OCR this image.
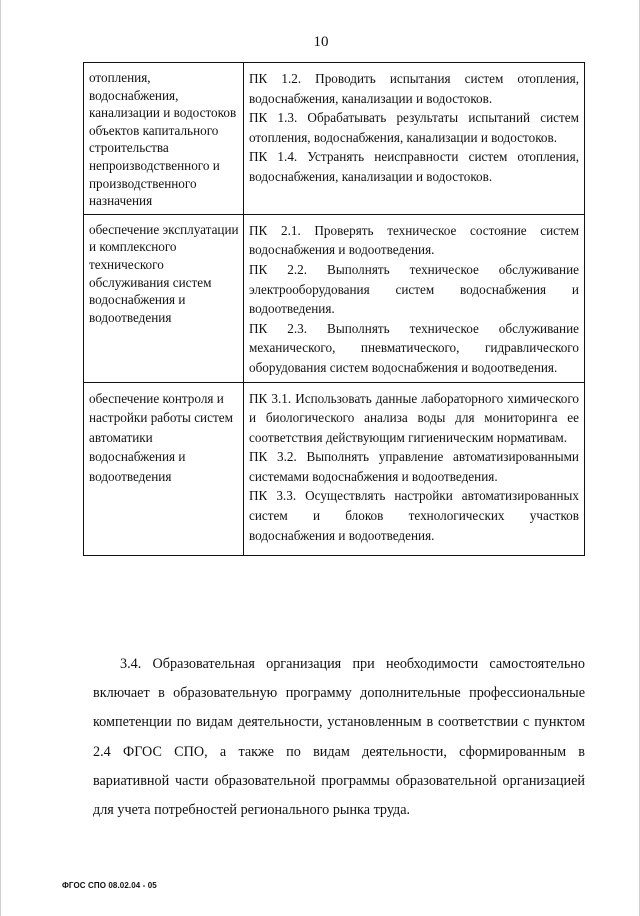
10

отопления, водоснабжения, канализации и водостоков объектов капитального строительства непроизводственного и производственного назначения	ПК 1.2. Проводить испытания систем отопления, водоснабжения, канализации и водостоков.

ПК 1.3. Обрабатывать результаты испытаний систем отопления, водоснабжения, канализации и водостоков.

ПК 1.4. Устранять неисправности систем отопления, водоснабжения, канализации и водостоков.

обеспечение эксплуатации и комплексного технического обслуживания систем водоснабжения и водоотведения	ПК 2.1. Проверять техническое состояние систем водоснабжения и водоотведения.

ПК 2.2. Выполнять техническое обслуживание электрооборудования систем водоснабжения и водоотведения.

ПК 2.3. Выполнять техническое обслуживание механического, пневматического, гидравлического оборудования систем водоснабжения и водоотведения.

обеспечение контроля и настройки работы систем автоматики водоснабжения и водоотведения	ПК 3.1. Использовать данные лабораторного химического и биологического анализа воды для мониторинга ее соответствия действующим гигиеническим нормативам.

ПК 3.2. Выполнять управление автоматизированными системами водоснабжения и водоотведения.

ПК 3.3. Осуществлять настройки автоматизированных систем и блоков технологических участков водоснабжения и водоотведения.

3.4. Образовательная организация при необходимости самостоятельно включает в образовательную программу дополнительные профессиональные компетенции по видам деятельности, установленным в соответствии с пунктом 2.4 ФГОС СПО, а также по видам деятельности, сформированным в вариативной части образовательной программы образовательной организацией для учета потребностей регионального рынка труда.

ФГОС СПО 08.02.04 - 05
